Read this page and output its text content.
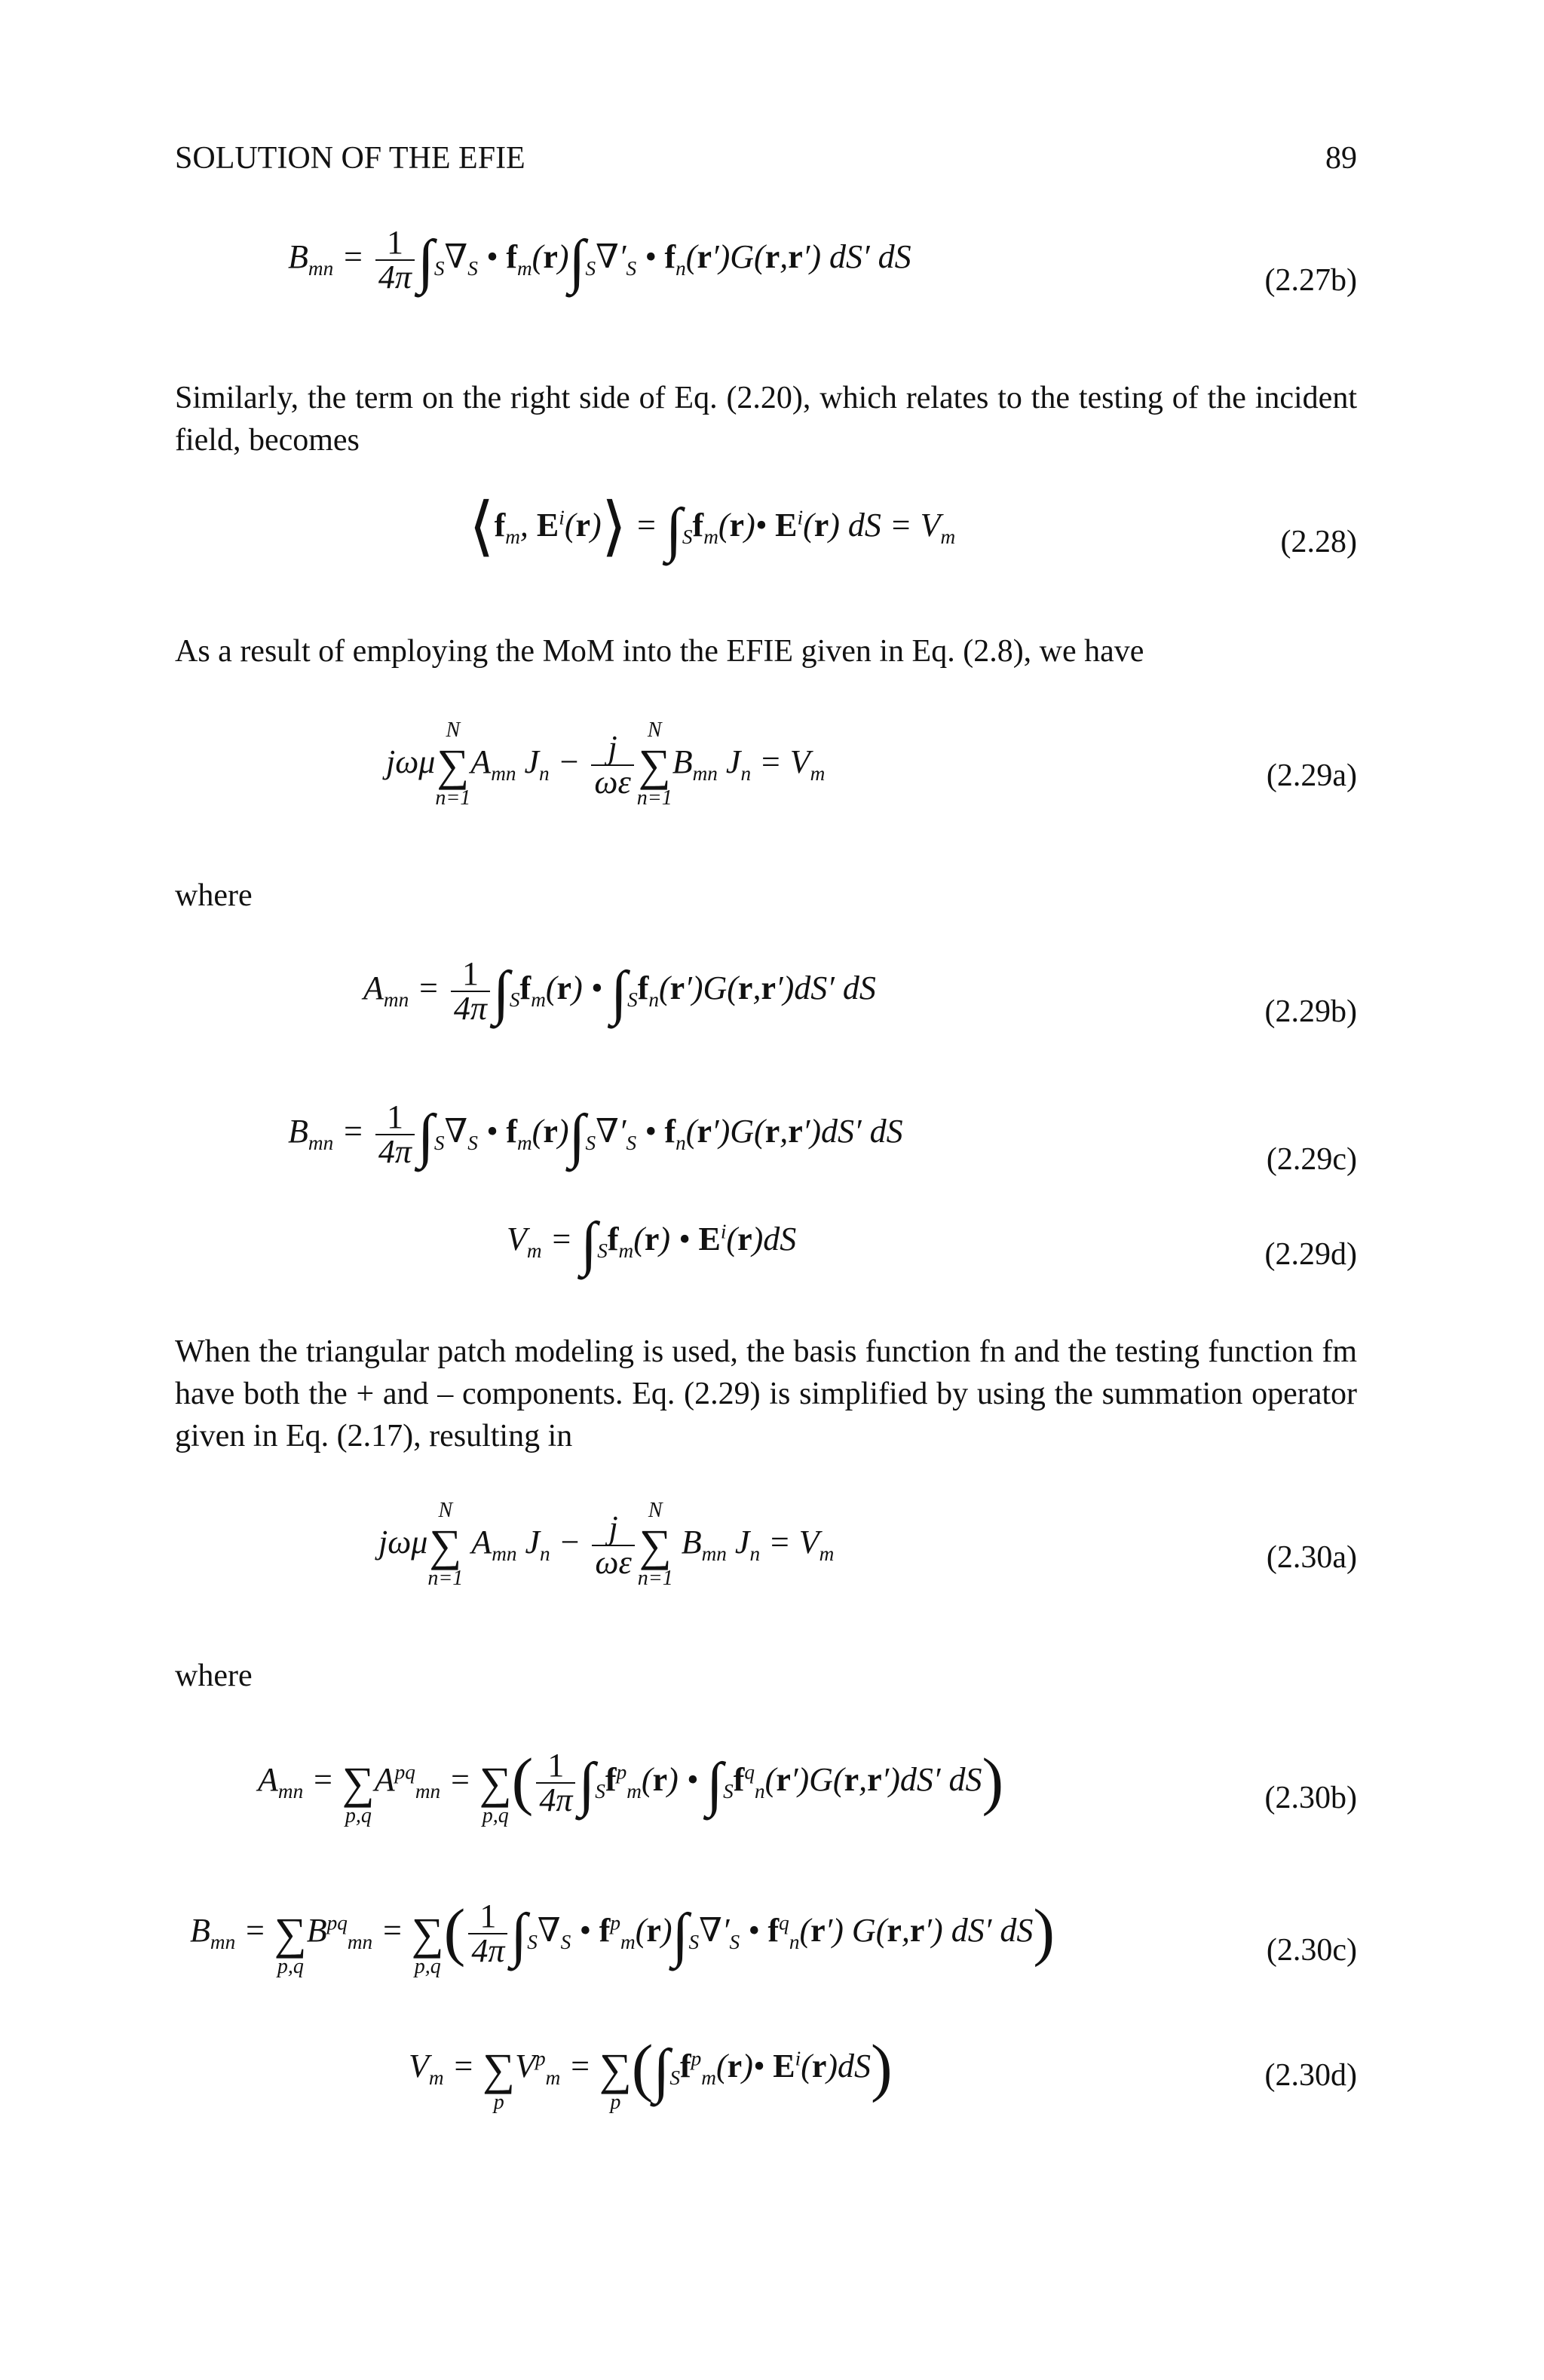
SOLUTION OF THE EFIE	89
$B_{mn} = \frac{1}{4\pi} \int_S\nabla_S$ • $f_m(r)\int_S\nabla'_S$ • $f_n(r')G(r,r')$ dS′ dS
(2.27b)

Similarly, the term on the right side of Eq. (2.20), which relates to the testing of the incident field, becomes

$⟨f_m$, $E^i(r)⟩$ = $\int_Sf_m(r)•$ $E^i(r)$ dS = $V_m$	(2.28)

As a result of employing the MoM into the EFIE given in Eq. (2.8), we have

jωμ
N
∑
n=1
$A_{mn}$ $J_n - \frac{j}{\omega\varepsilon}$
N
∑
n=1
$B_{mn}$ $J_n = V_m$	(2.29a)

where

$A_{mn} = \frac{1}{4\pi} \int_Sf_m(r)$ • $\int_Sf_n(r')G(r,r')dS'$ dS
(2.29b)
$B_{mn} = \frac{1}{4\pi} \int_S\nabla_S$ • $f_m(r)\int_S\nabla'_S$ • $f_n(r')G(r,r')dS'$ dS
(2.29c)
$V_m = \int_Sf_m(r)$ • $E^i(r)dS$	(2.29d)

When the triangular patch modeling is used, the basis function fn and the testing function fm have both the + and – components. Eq. (2.29) is simplified by using the summation operator given in Eq. (2.17), resulting in

jωμ
N
∑
n=1
$A_{mn}$ $J_n - \frac{j}{\omega\varepsilon}$
N
∑
n=1
$B_{mn}$ $J_n = V_m$	(2.30a)

where

$A_{mn}$ =

∑
p,q
$A^{pq}_{mn}$ =

∑
p,q ( $\frac{1}{4\pi} \int_Sf^p_m(r)$ • $\int_Sf^q_n(r')G(r,r')dS'$ dS)	(2.30b)
$B_{mn}$ =

∑
p,q
$B^{pq}_{mn}$ =

∑
p,q ( $\frac{1}{4\pi} \int_S\nabla_S$ • $f^p_m(r)\int_S\nabla'_S$ • $f^q_n(r')$ G(r,r′) dS′ dS)	(2.30c)
$V_m$ =

∑
p
$V^p_m$ =

∑
p ($\int_Sf^p_m(r)•$ $E^i(r)dS$)	(2.30d)
